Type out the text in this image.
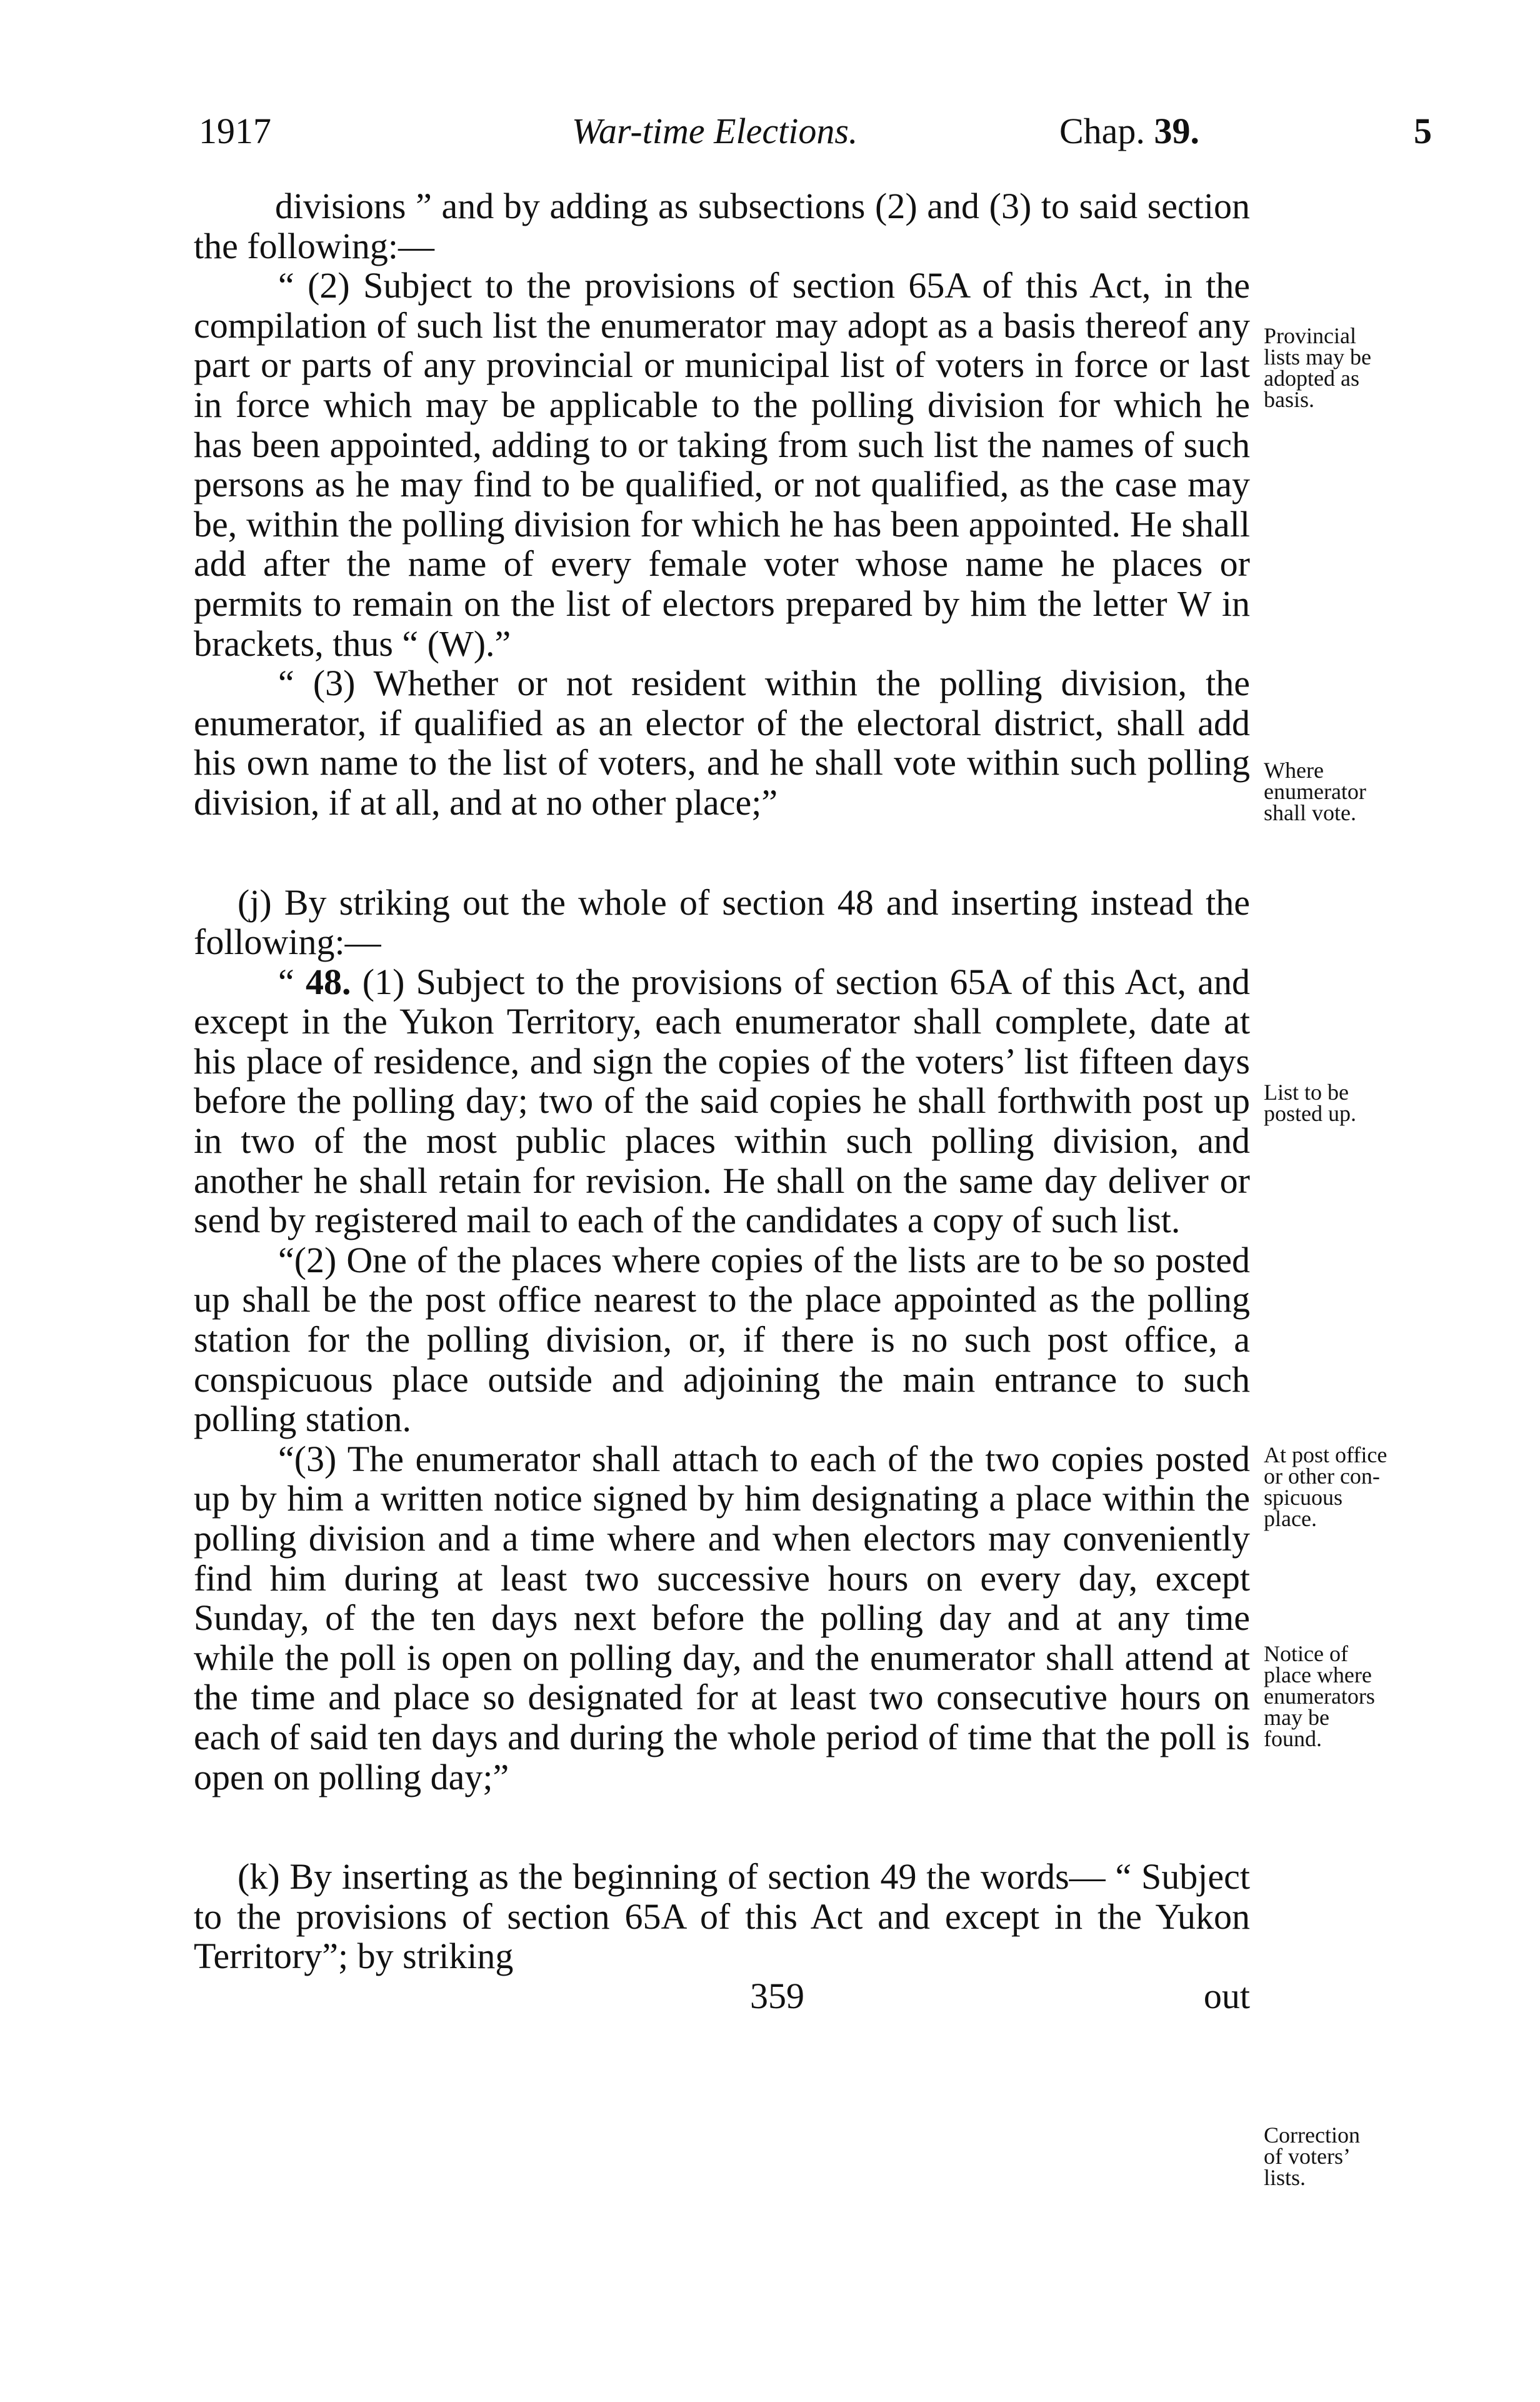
1917	War-time Elections.	Chap. 39.	5

divisions ” and by adding as subsections (2) and (3) to said section the following:—

“ (2) Subject to the provisions of section 65A of this Act, in the compilation of such list the enumerator may adopt as a basis thereof any part or parts of any provincial or municipal list of voters in force or last in force which may be applicable to the polling division for which he has been appointed, adding to or taking from such list the names of such persons as he may find to be qualified, or not qualified, as the case may be, within the polling division for which he has been appointed. He shall add after the name of every female voter whose name he places or permits to remain on the list of electors prepared by him the letter W in brackets, thus “ (W).”

“ (3) Whether or not resident within the polling division, the enumerator, if qualified as an elector of the electoral district, shall add his own name to the list of voters, and he shall vote within such polling division, if at all, and at no other place;”

(j) By striking out the whole of section 48 and inserting instead the following:—

“ 48. (1) Subject to the provisions of section 65A of this Act, and except in the Yukon Territory, each enumerator shall complete, date at his place of residence, and sign the copies of the voters’ list fifteen days before the polling day; two of the said copies he shall forthwith post up in two of the most public places within such polling division, and another he shall retain for revision. He shall on the same day deliver or send by registered mail to each of the candidates a copy of such list.

“(2) One of the places where copies of the lists are to be so posted up shall be the post office nearest to the place appointed as the polling station for the polling division, or, if there is no such post office, a conspicuous place outside and adjoining the main entrance to such polling station.

“(3) The enumerator shall attach to each of the two copies posted up by him a written notice signed by him designating a place within the polling division and a time where and when electors may conveniently find him during at least two successive hours on every day, except Sunday, of the ten days next before the polling day and at any time while the poll is open on polling day, and the enumerator shall attend at the time and place so designated for at least two consecutive hours on each of said ten days and during the whole period of time that the poll is open on polling day;”

(k) By inserting as the beginning of section 49 the words— “ Subject to the provisions of section 65A of this Act and except in the Yukon Territory”; by striking

359	out
Provincial
lists may be
adopted as
basis.
Where
enumerator
shall vote.
List to be
posted up.
At post office
or other con-
spicuous
place.
Notice of
place where
enumerators
may be
found.
Correction
of voters’
lists.
